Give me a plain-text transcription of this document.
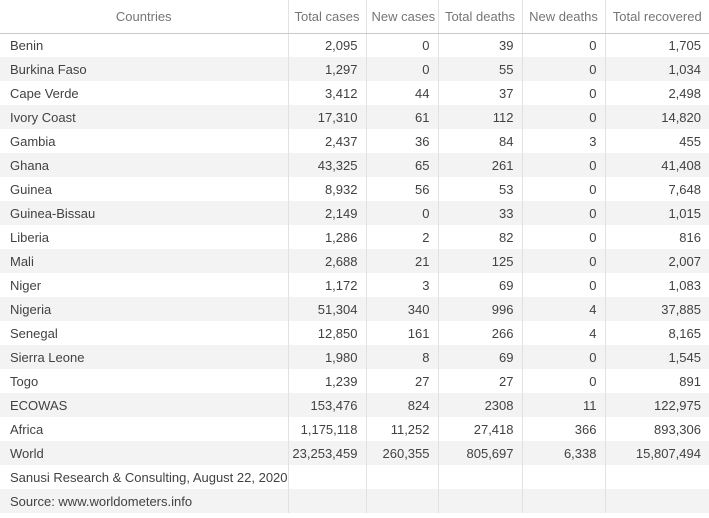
Countries	Total cases	New cases	Total deaths	New deaths	Total recovered
Benin	2,095	0	39	0	1,705
Burkina Faso	1,297	0	55	0	1,034
Cape Verde	3,412	44	37	0	2,498
Ivory Coast	17,310	61	112	0	14,820
Gambia	2,437	36	84	3	455
Ghana	43,325	65	261	0	41,408
Guinea	8,932	56	53	0	7,648
Guinea-Bissau	2,149	0	33	0	1,015
Liberia	1,286	2	82	0	816
Mali	2,688	21	125	0	2,007
Niger	1,172	3	69	0	1,083
Nigeria	51,304	340	996	4	37,885
Senegal	12,850	161	266	4	8,165
Sierra Leone	1,980	8	69	0	1,545
Togo	1,239	27	27	0	891
ECOWAS	153,476	824	2308	11	122,975
Africa	1,175,118	11,252	27,418	366	893,306
World	23,253,459	260,355	805,697	6,338	15,807,494
Sanusi Research & Consulting, August 22, 2020					
Source: www.worldometers.info					
